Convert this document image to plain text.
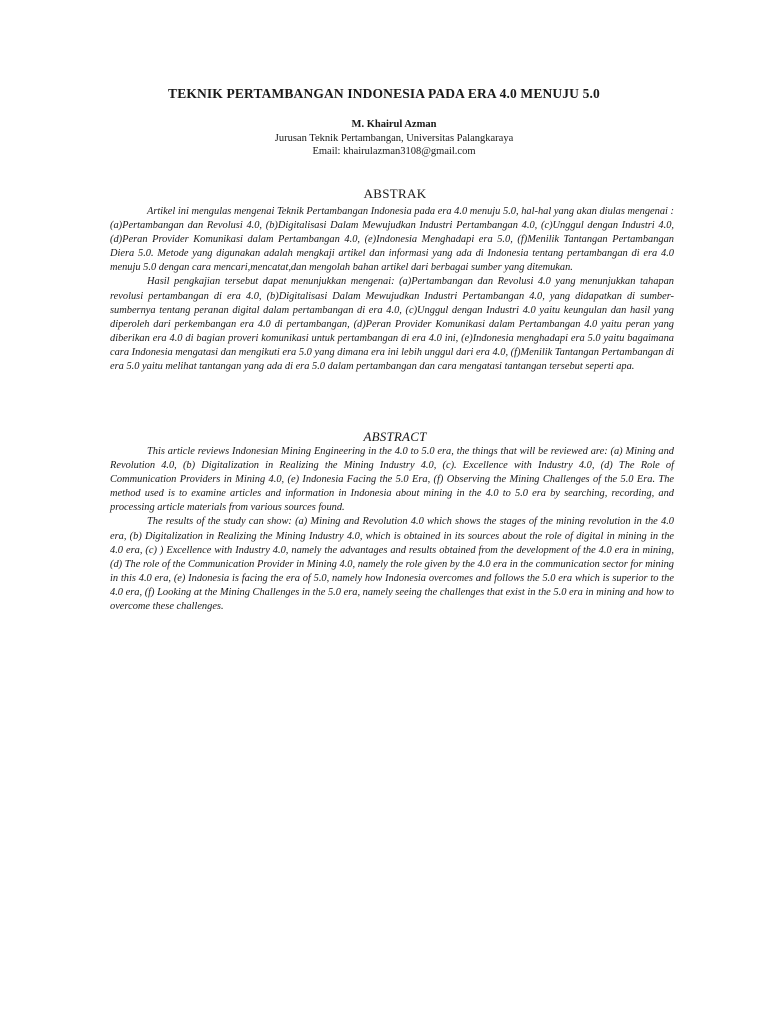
TEKNIK PERTAMBANGAN INDONESIA PADA ERA 4.0 MENUJU 5.0
M. Khairul Azman
Jurusan Teknik Pertambangan, Universitas Palangkaraya
Email: khairulazman3108@gmail.com
ABSTRAK

Artikel ini mengulas mengenai Teknik Pertambangan Indonesia pada era 4.0 menuju 5.0, hal-hal yang akan diulas mengenai :(a)Pertambangan dan Revolusi 4.0, (b)Digitalisasi Dalam Mewujudkan Industri Pertambangan 4.0, (c)Unggul dengan Industri 4.0, (d)Peran Provider Komunikasi dalam Pertambangan 4.0, (e)Indonesia Menghadapi era 5.0, (f)Menilik Tantangan Pertambangan Diera 5.0. Metode yang digunakan adalah mengkaji artikel dan informasi yang ada di Indonesia tentang pertambangan di era 4.0 menuju 5.0 dengan cara mencari,mencatat,dan mengolah bahan artikel dari berbagai sumber yang ditemukan.

Hasil pengkajian tersebut dapat menunjukkan mengenai: (a)Pertambangan dan Revolusi 4.0 yang menunjukkan tahapan revolusi pertambangan di era 4.0, (b)Digitalisasi Dalam Mewujudkan Industri Pertambangan 4.0, yang didapatkan di sumber-sumbernya tentang peranan digital dalam pertambangan di era 4.0, (c)Unggul dengan Industri 4.0 yaitu keungulan dan hasil yang diperoleh dari perkembangan era 4.0 di pertambangan, (d)Peran Provider Komunikasi dalam Pertambangan 4.0 yaitu peran yang diberikan era 4.0 di bagian proveri komunikasi untuk pertambangan di era 4.0 ini, (e)Indonesia menghadapi era 5.0 yaitu bagaimana cara Indonesia mengatasi dan mengikuti era 5.0 yang dimana era ini lebih unggul dari era 4.0, (f)Menilik Tantangan Pertambangan di era 5.0 yaitu melihat tantangan yang ada di era 5.0 dalam pertambangan dan cara mengatasi tantangan tersebut seperti apa.

ABSTRACT

This article reviews Indonesian Mining Engineering in the 4.0 to 5.0 era, the things that will be reviewed are: (a) Mining and Revolution 4.0, (b) Digitalization in Realizing the Mining Industry 4.0, (c). Excellence with Industry 4.0, (d) The Role of Communication Providers in Mining 4.0, (e) Indonesia Facing the 5.0 Era, (f) Observing the Mining Challenges of the 5.0 Era. The method used is to examine articles and information in Indonesia about mining in the 4.0 to 5.0 era by searching, recording, and processing article materials from various sources found.

The results of the study can show: (a) Mining and Revolution 4.0 which shows the stages of the mining revolution in the 4.0 era, (b) Digitalization in Realizing the Mining Industry 4.0, which is obtained in its sources about the role of digital in mining in the 4.0 era, (c) ) Excellence with Industry 4.0, namely the advantages and results obtained from the development of the 4.0 era in mining, (d) The role of the Communication Provider in Mining 4.0, namely the role given by the 4.0 era in the communication sector for mining in this 4.0 era, (e) Indonesia is facing the era of 5.0, namely how Indonesia overcomes and follows the 5.0 era which is superior to the 4.0 era, (f) Looking at the Mining Challenges in the 5.0 era, namely seeing the challenges that exist in the 5.0 era in mining and how to overcome these challenges.
